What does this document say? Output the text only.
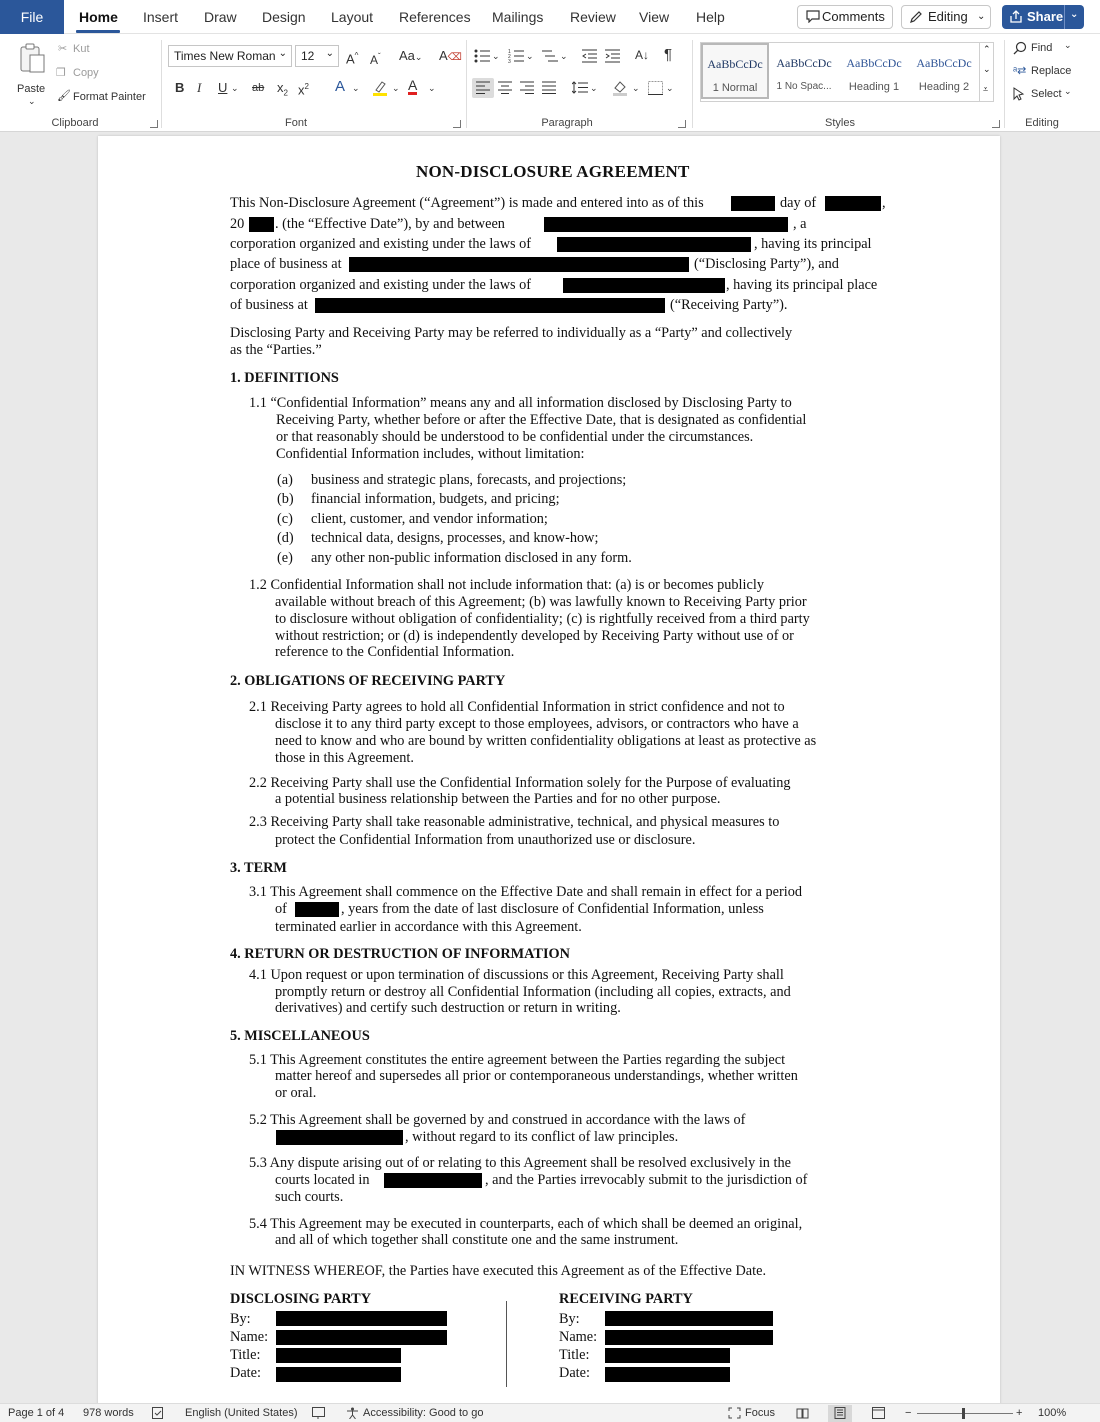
File	Home Insert Draw Design Layout References Mailings Review View Help	Comments	Editing ⌄	Share ⌄
Paste
⌄
✂ Kut
❐ Copy
🖌 Format Painter
Clipboard
Times New Roman ⌄	12 ⌄ A^ $A^ˇ$ Aa⌄ A⌫
B I U ⌄ ab $x_2$ $x^2$ A ⌄	⌄ A ⌄
Font
⌄ 1
2
3
⌄	⌄	A↓ ¶
⌄	⌄	⌄
Paragraph
AaBbCcDc
1 Normal
AaBbCcDc
1 No Spac...
AaBbCcDc
Heading 1
AaBbCcDc
Heading 2
⌃
⌄
⩡
Styles
Find ⌄
ᵃ⇄ Replace
Select ⌄
Editing
NON-DISCLOSURE AGREEMENT
This Non-Disclosure Agreement (“Agreement”) is made and entered into as of this	day of	,
20 . (the “Effective Date”), by and between	, a
corporation organized and existing under the laws of	, having its principal
place of business at	(“Disclosing Party”), and
corporation organized and existing under the laws of	, having its principal place
of business at	(“Receiving Party”).
Disclosing Party and Receiving Party may be referred to individually as a “Party” and collectively
as the “Parties.”
1. DEFINITIONS
1.1 “Confidential Information” means any and all information disclosed by Disclosing Party to
Receiving Party, whether before or after the Effective Date, that is designated as confidential
or that reasonably should be understood to be confidential under the circumstances.
Confidential Information includes, without limitation:
(a) business and strategic plans, forecasts, and projections;
(b) financial information, budgets, and pricing;
(c) client, customer, and vendor information;
(d) technical data, designs, processes, and know-how;
(e) any other non-public information disclosed in any form.
1.2 Confidential Information shall not include information that: (a) is or becomes publicly
available without breach of this Agreement; (b) was lawfully known to Receiving Party prior
to disclosure without obligation of confidentiality; (c) is rightfully received from a third party
without restriction; or (d) is independently developed by Receiving Party without use of or
reference to the Confidential Information.
2. OBLIGATIONS OF RECEIVING PARTY
2.1 Receiving Party agrees to hold all Confidential Information in strict confidence and not to
disclose it to any third party except to those employees, advisors, or contractors who have a
need to know and who are bound by written confidentiality obligations at least as protective as
those in this Agreement.
2.2 Receiving Party shall use the Confidential Information solely for the Purpose of evaluating
a potential business relationship between the Parties and for no other purpose.
2.3 Receiving Party shall take reasonable administrative, technical, and physical measures to
protect the Confidential Information from unauthorized use or disclosure.
3. TERM
3.1 This Agreement shall commence on the Effective Date and shall remain in effect for a period
of	, years from the date of last disclosure of Confidential Information, unless
terminated earlier in accordance with this Agreement.
4. RETURN OR DESTRUCTION OF INFORMATION
4.1 Upon request or upon termination of discussions or this Agreement, Receiving Party shall
promptly return or destroy all Confidential Information (including all copies, extracts, and
derivatives) and certify such destruction or return in writing.
5. MISCELLANEOUS
5.1 This Agreement constitutes the entire agreement between the Parties regarding the subject
matter hereof and supersedes all prior or contemporaneous understandings, whether written
or oral.
5.2 This Agreement shall be governed by and construed in accordance with the laws of
, without regard to its conflict of law principles.
5.3 Any dispute arising out of or relating to this Agreement shall be resolved exclusively in the
courts located in	, and the Parties irrevocably submit to the jurisdiction of
such courts.
5.4 This Agreement may be executed in counterparts, each of which shall be deemed an original,
and all of which together shall constitute one and the same instrument.
IN WITNESS WHEREOF, the Parties have executed this Agreement as of the Effective Date.
DISCLOSING PARTY
By:
Name:
Title:
Date:
RECEIVING PARTY
By:
Name:
Title:
Date:
Page 1 of 4 978 words	English (United States)	Accessibility: Good to go	Focus	−	+ 100%
